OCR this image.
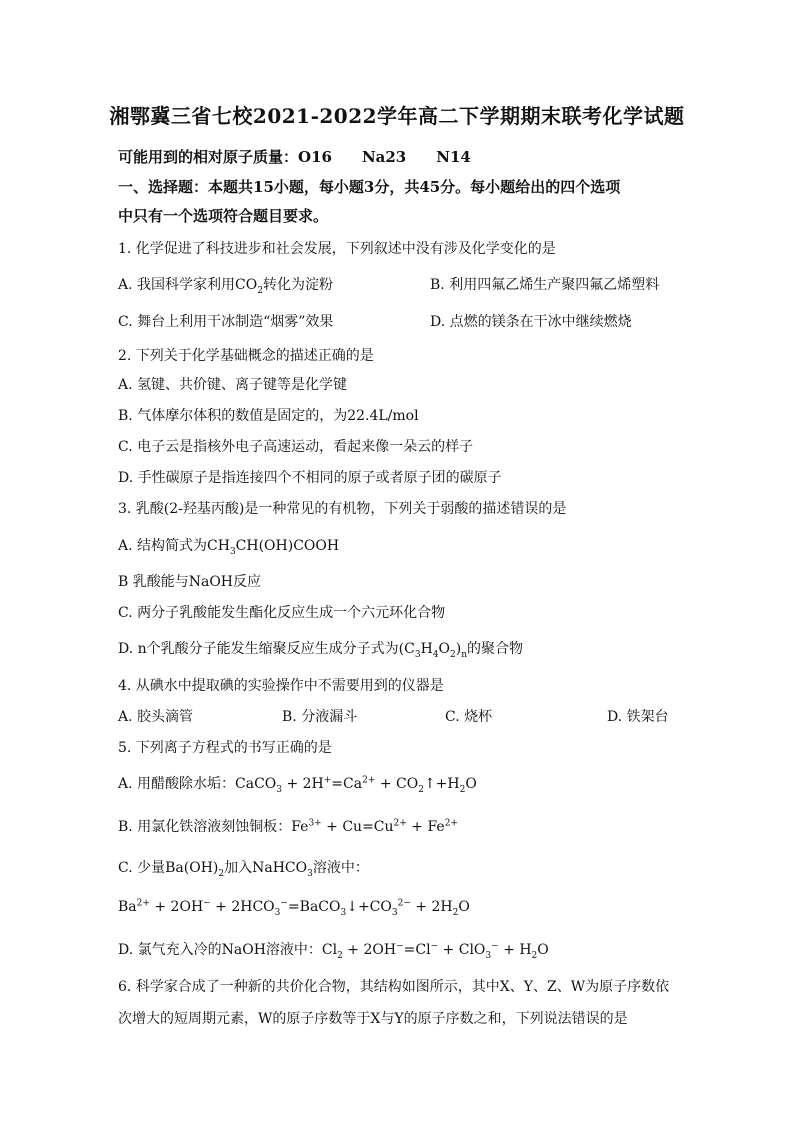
湘鄂冀三省七校2021-2022学年高二下学期期末联考化学试题
可能用到的相对原子质量：O16　　Na23　　N14
一、选择题：本题共15小题，每小题3分，共45分。每小题给出的四个选项
中只有一个选项符合题目要求。
1. 化学促进了科技进步和社会发展，下列叙述中没有涉及化学变化的是
A. 我国科学家利用$CO_2$转化为淀粉	B. 利用四氟乙烯生产聚四氟乙烯塑料
C. 舞台上利用干冰制造“烟雾”效果	D. 点燃的镁条在干冰中继续燃烧
2. 下列关于化学基础概念的描述正确的是
A. 氢键、共价键、离子键等是化学键
B. 气体摩尔体积的数值是固定的，为22.4L/mol
C. 电子云是指核外电子高速运动，看起来像一朵云的样子
D. 手性碳原子是指连接四个不相同的原子或者原子团的碳原子
3. 乳酸(2-羟基丙酸)是一种常见的有机物，下列关于弱酸的描述错误的是
A. 结构简式为$CH_3CH(OH)COOH$
B 乳酸能与NaOH反应
C. 两分子乳酸能发生酯化反应生成一个六元环化合物
D. n个乳酸分子能发生缩聚反应生成分子式为$(C_3H_4O_2)_n$的聚合物
4. 从碘水中提取碘的实验操作中不需要用到的仪器是
A. 胶头滴管	B. 分液漏斗	C. 烧杯	D. 铁架台
5. 下列离子方程式的书写正确的是
A. 用醋酸除水垢：CaCO$_3$ + $2H^+=Ca^{2+}$ + $CO_2↑+H_2O$
B. 用氯化铁溶液刻蚀铜板：$Fe^{3+} + Cu=Cu^{2+} + Fe^{2+}$
C. 少量$Ba(OH)_2$加入NaHCO$_3$溶液中：
$Ba^{2+} + 2OH^-$ + $2HCO_3^-=BaCO_3↓+CO_3^{2-} + 2H_2O$
D. 氯气充入冷的NaOH溶液中：$Cl_2 + 2OH^-=Cl^- + ClO_3^- + H_2O$
6. 科学家合成了一种新的共价化合物，其结构如图所示，其中X、Y、Z、W为原子序数依
次增大的短周期元素，W的原子序数等于X与Y的原子序数之和，下列说法错误的是
